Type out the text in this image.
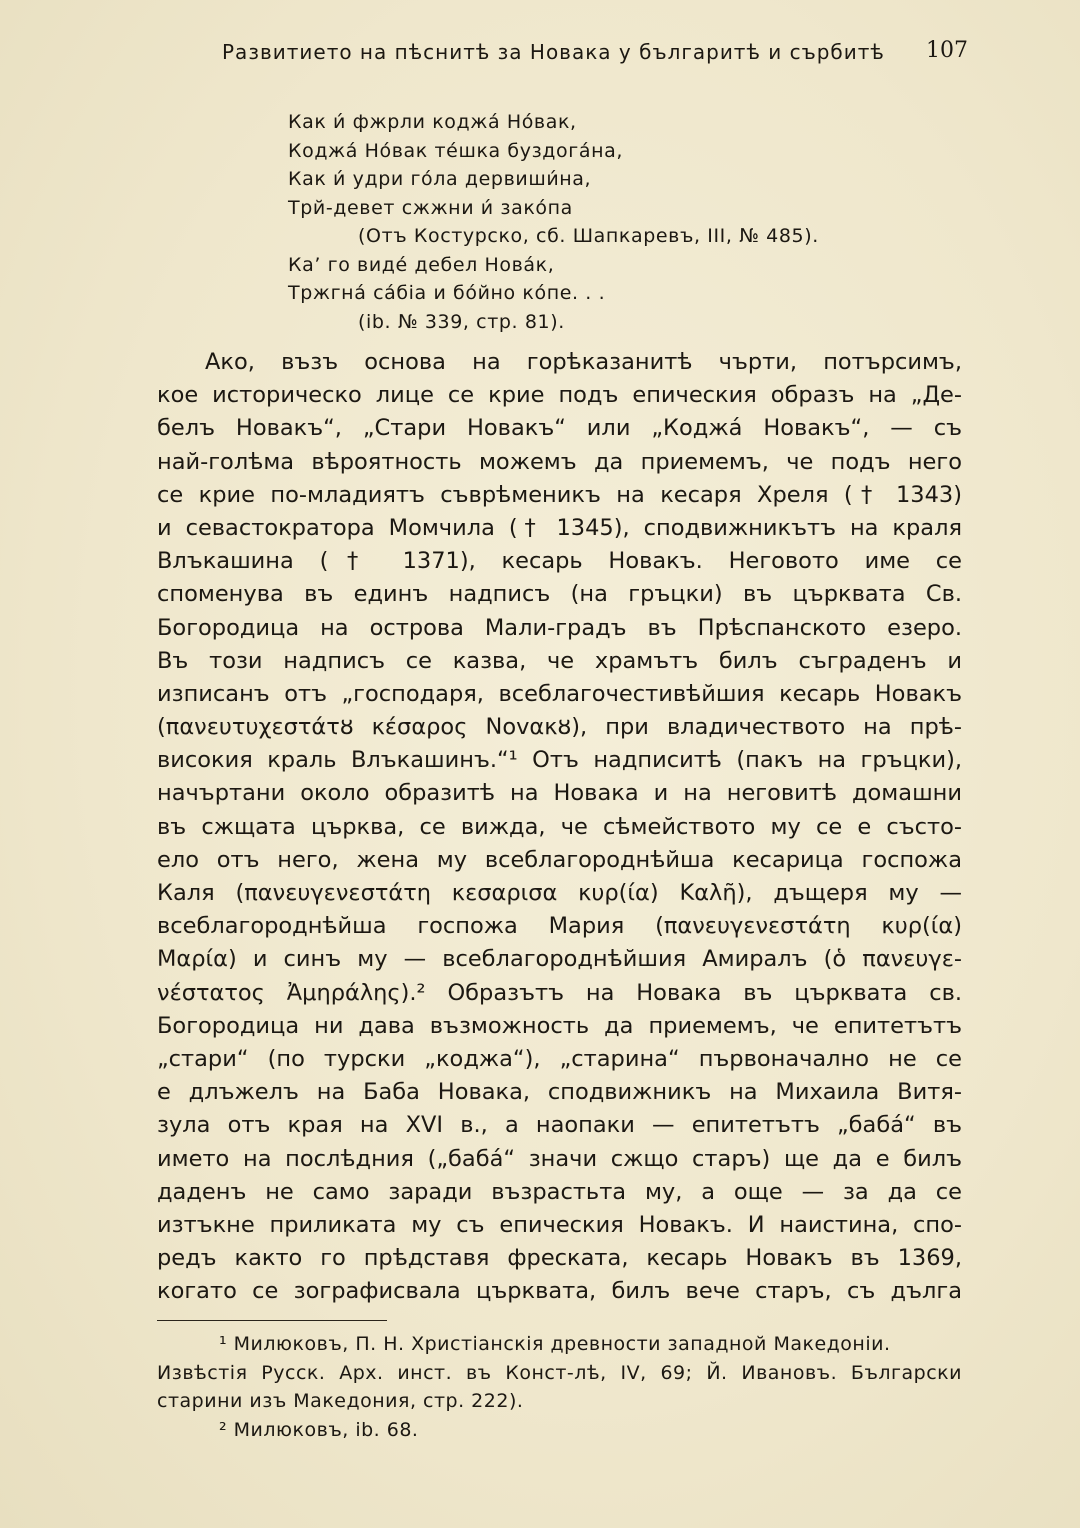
Развитието на пѣснитѣ за Новака у българитѣ и сърбитѣ 107
Как и́ фжрли коджа́ Но́вак,
Коджа́ Но́вак те́шка буздога́на,
Как и́ удри го́ла дервиши́на,
Трй-девет сжжни и́ зако́па
(Отъ Костурско, сб. Шапкаревъ, III, № 485).
Ка’ го виде́ дебел Нова́к,
Тржгна́ са́біа и бо́йно ко́пе. . .
(ib. № 339, стр. 81).
Ако, възъ основа на горѣказанитѣ чърти, потърсимъ,
кое историческо лице се крие подъ епическия образъ на „Де-
белъ Новакъ“, „Стари Новакъ“ или „Коджа́ Новакъ“, — съ
най-голѣма вѣроятность можемъ да приемемъ, че подъ него
се крие по-младиятъ съврѣменикъ на кесаря Хреля († 1343)
и севастократора Момчила († 1345), сподвижникътъ на краля
Влъкашина († 1371), кесарь Новакъ. Неговото име се
споменува въ единъ надписъ (на гръцки) въ църквата Св.
Богородица на острова Мали-градъ въ Прѣспанското езеро.
Въ този надписъ се казва, че храмътъ билъ съграденъ и
изписанъ отъ „господаря, всеблагочестивѣйшия кесарь Новакъ
(πανευτυχεστάτȣ κέσαρος Νοvακȣ), при владичеството на прѣ-
високия краль Влъкашинъ.“¹ Отъ надписитѣ (пакъ на гръцки),
начъртани около образитѣ на Новака и на неговитѣ домашни
въ сжщата църква, се вижда, че сѣмейството му се е състо-
ело отъ него, жена му всеблагороднѣйша кесарица госпожа
Каля (πανευγενεστάτη κεσαρισα κυρ(ία) Καλῆ), дъщеря му —
всеблагороднѣйша госпожа Мария (πανευγενεστάτη κυρ(ία)
Μαρία) и синъ му — всеблагороднѣйшия Амиралъ (ὁ πανευγε-
νέστατος Ἀμηράλης).² Образътъ на Новака въ църквата св.
Богородица ни дава възможность да приемемъ, че епитетътъ
„стари“ (по турски „коджа“), „старина“ първоначално не се
е длъжелъ на Баба Новака, сподвижникъ на Михаила Витя-
зула отъ края на XVI в., а наопаки — епитетътъ „баба́“ въ
името на послѣдния („баба́“ значи сжщо старъ) ще да е билъ
даденъ не само заради възрастьта му, а още — за да се
изтъкне приликата му съ епическия Новакъ. И наистина, спо-
редъ както го прѣдставя фреската, кесарь Новакъ въ 1369,
когато се зографисвала църквата, билъ вече старъ, съ дълга
¹ Милюковъ, П. Н. Христіанскія древности западной Македоніи.
Извѣстія Русск. Арх. инст. въ Конст-лѣ, IV, 69; Й. Ивановъ. Български
старини изъ Македония, стр. 222).
² Милюковъ, ib. 68.
